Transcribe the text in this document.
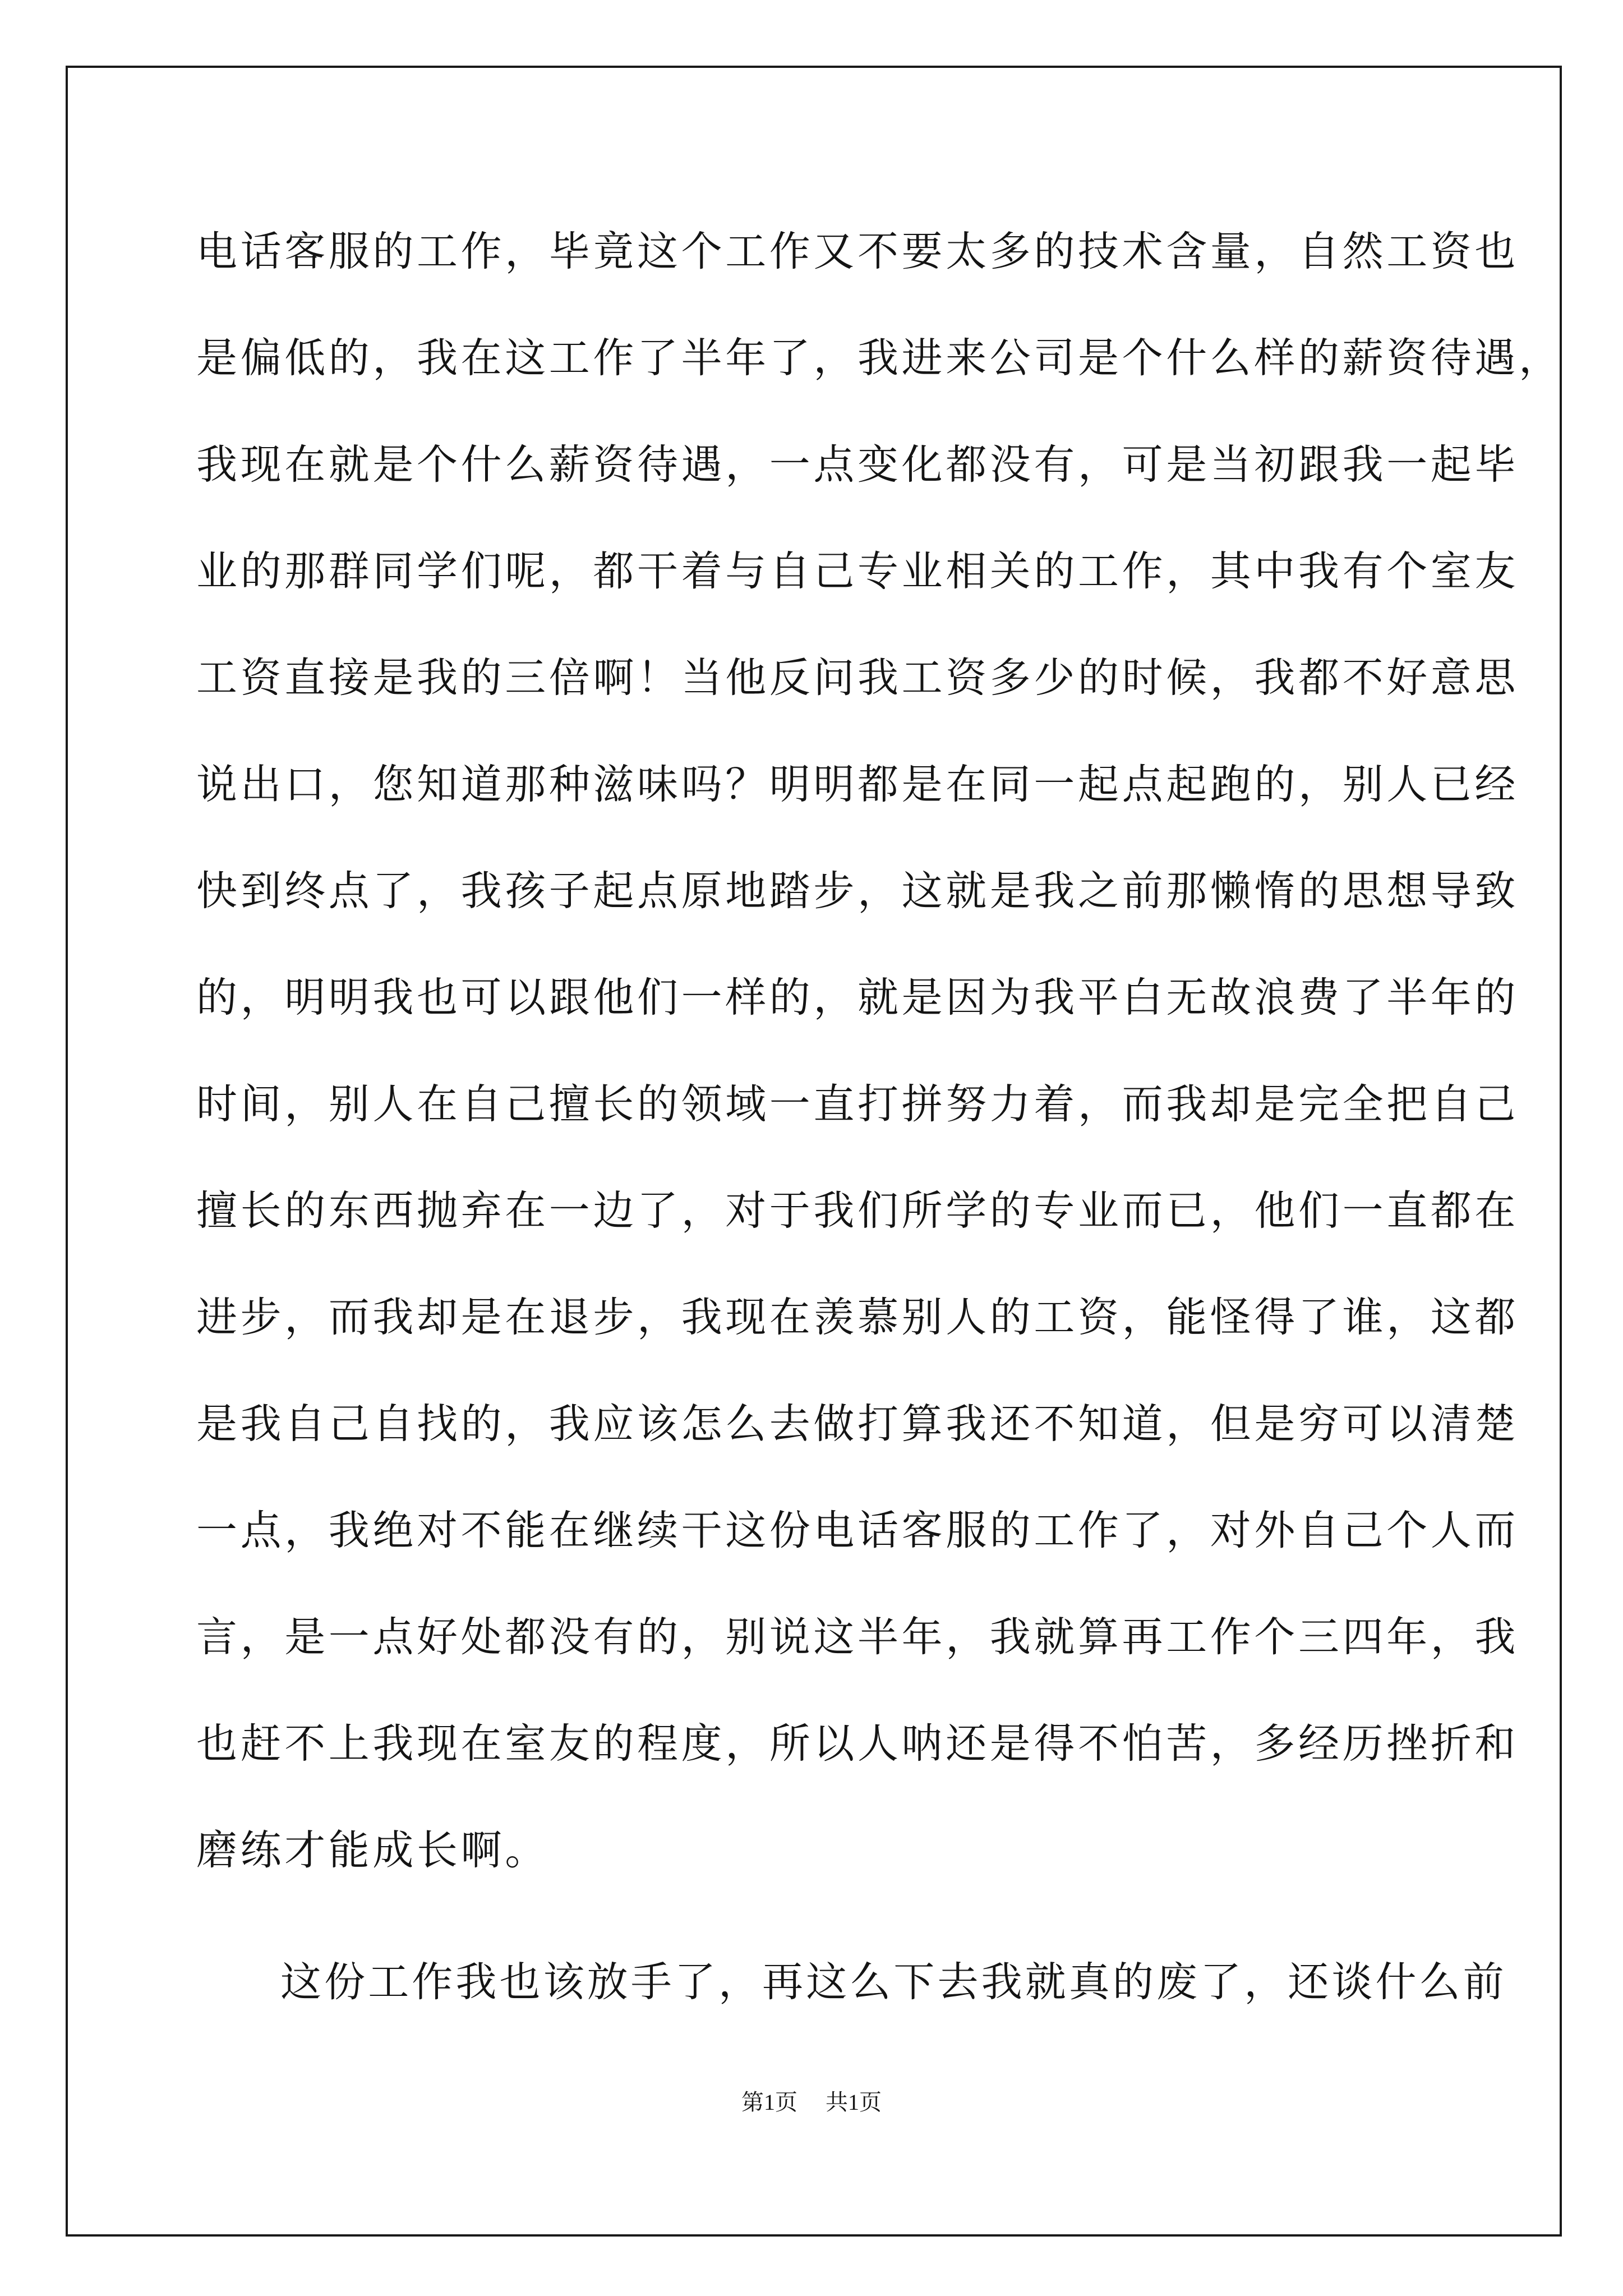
电话客服的工作，毕竟这个工作又不要太多的技术含量，自然工资也
是偏低的，我在这工作了半年了，我进来公司是个什么样的薪资待遇，
我现在就是个什么薪资待遇，一点变化都没有，可是当初跟我一起毕
业的那群同学们呢，都干着与自己专业相关的工作，其中我有个室友
工资直接是我的三倍啊！当他反问我工资多少的时候，我都不好意思
说出口，您知道那种滋味吗？明明都是在同一起点起跑的，别人已经
快到终点了，我孩子起点原地踏步，这就是我之前那懒惰的思想导致
的，明明我也可以跟他们一样的，就是因为我平白无故浪费了半年的
时间，别人在自己擅长的领域一直打拼努力着，而我却是完全把自己
擅长的东西抛弃在一边了，对于我们所学的专业而已，他们一直都在
进步，而我却是在退步，我现在羡慕别人的工资，能怪得了谁，这都
是我自己自找的，我应该怎么去做打算我还不知道，但是穷可以清楚
一点，我绝对不能在继续干这份电话客服的工作了，对外自己个人而
言，是一点好处都没有的，别说这半年，我就算再工作个三四年，我
也赶不上我现在室友的程度，所以人呐还是得不怕苦，多经历挫折和
磨练才能成长啊。
这份工作我也该放手了，再这么下去我就真的废了，还谈什么前
第1页 共1页
